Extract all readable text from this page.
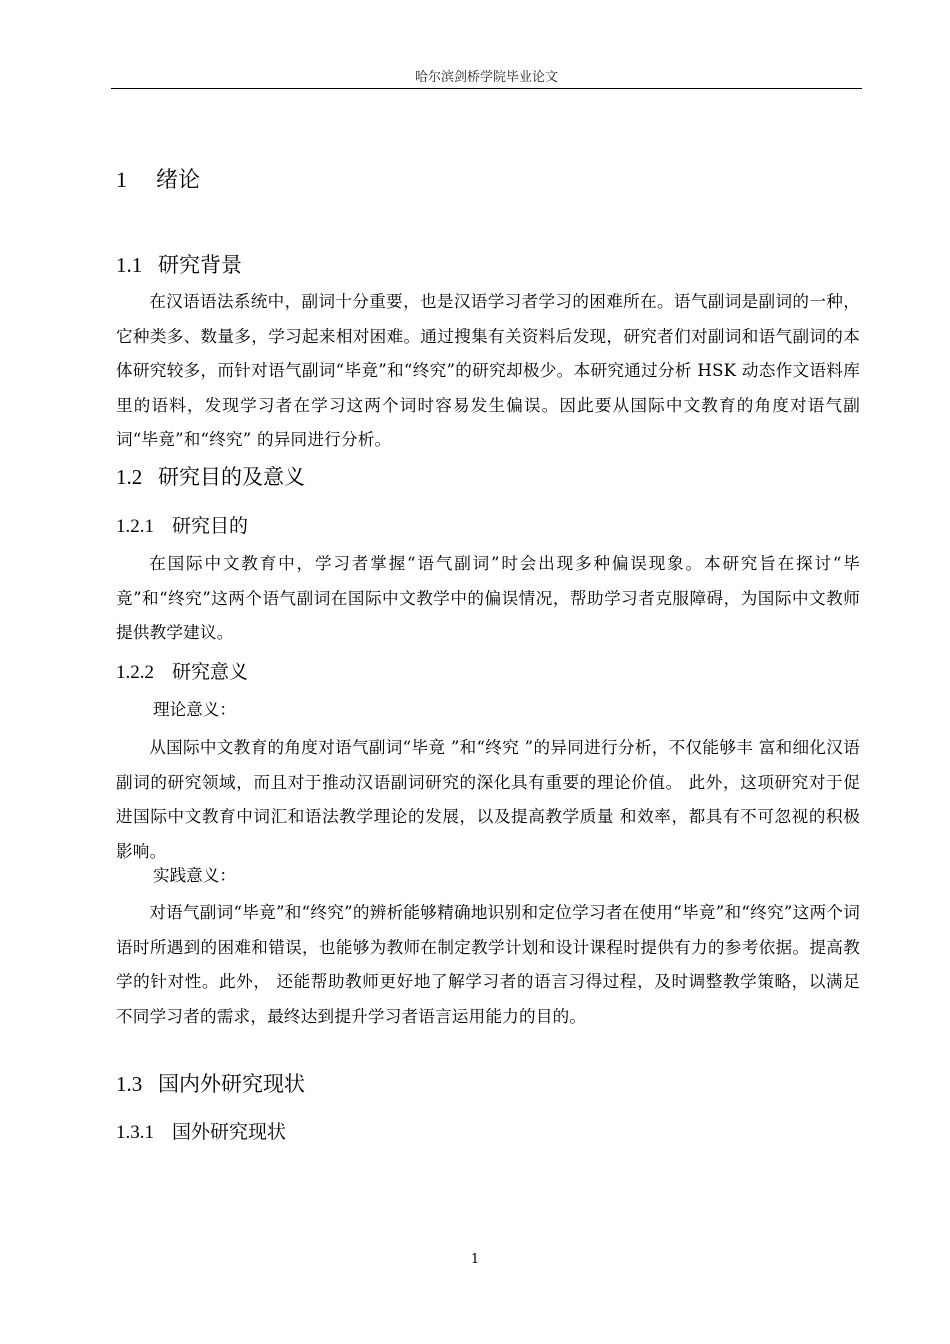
哈尔滨剑桥学院毕业论文
1 绪论
1.1 研究背景

在汉语语法系统中，副词十分重要，也是汉语学习者学习的困难所在。语气副词是副词的一种，它种类多、数量多，学习起来相对困难。通过搜集有关资料后发现，研究者们对副词和语气副词的本体研究较多，而针对语气副词“毕竟”和“终究”的研究却极少。本研究通过分析 HSK 动态作文语料库里的语料，发现学习者在学习这两个词时容易发生偏误。因此要从国际中文教育的角度对语气副词“毕竟”和“终究” 的异同进行分析。

1.2 研究目的及意义
1.2.1 研究目的

在国际中文教育中，学习者掌握“语气副词”时会出现多种偏误现象。本研究旨在探讨“毕竟”和“终究”这两个语气副词在国际中文教学中的偏误情况，帮助学习者克服障碍，为国际中文教师提供教学建议。

1.2.2 研究意义

理论意义：

从国际中文教育的角度对语气副词“毕竟 ”和“终究 ”的异同进行分析，不仅能够丰 富和细化汉语副词的研究领域，而且对于推动汉语副词研究的深化具有重要的理论价值。 此外，这项研究对于促进国际中文教育中词汇和语法教学理论的发展，以及提高教学质量 和效率，都具有不可忽视的积极影响。

实践意义：

对语气副词“毕竟”和“终究”的辨析能够精确地识别和定位学习者在使用“毕竟”和“终究”这两个词语时所遇到的困难和错误，也能够为教师在制定教学计划和设计课程时提供有力的参考依据。提高教学的针对性。此外， 还能帮助教师更好地了解学习者的语言习得过程，及时调整教学策略，以满足不同学习者的需求，最终达到提升学习者语言运用能力的目的。

1.3 国内外研究现状
1.3.1 国外研究现状
1
